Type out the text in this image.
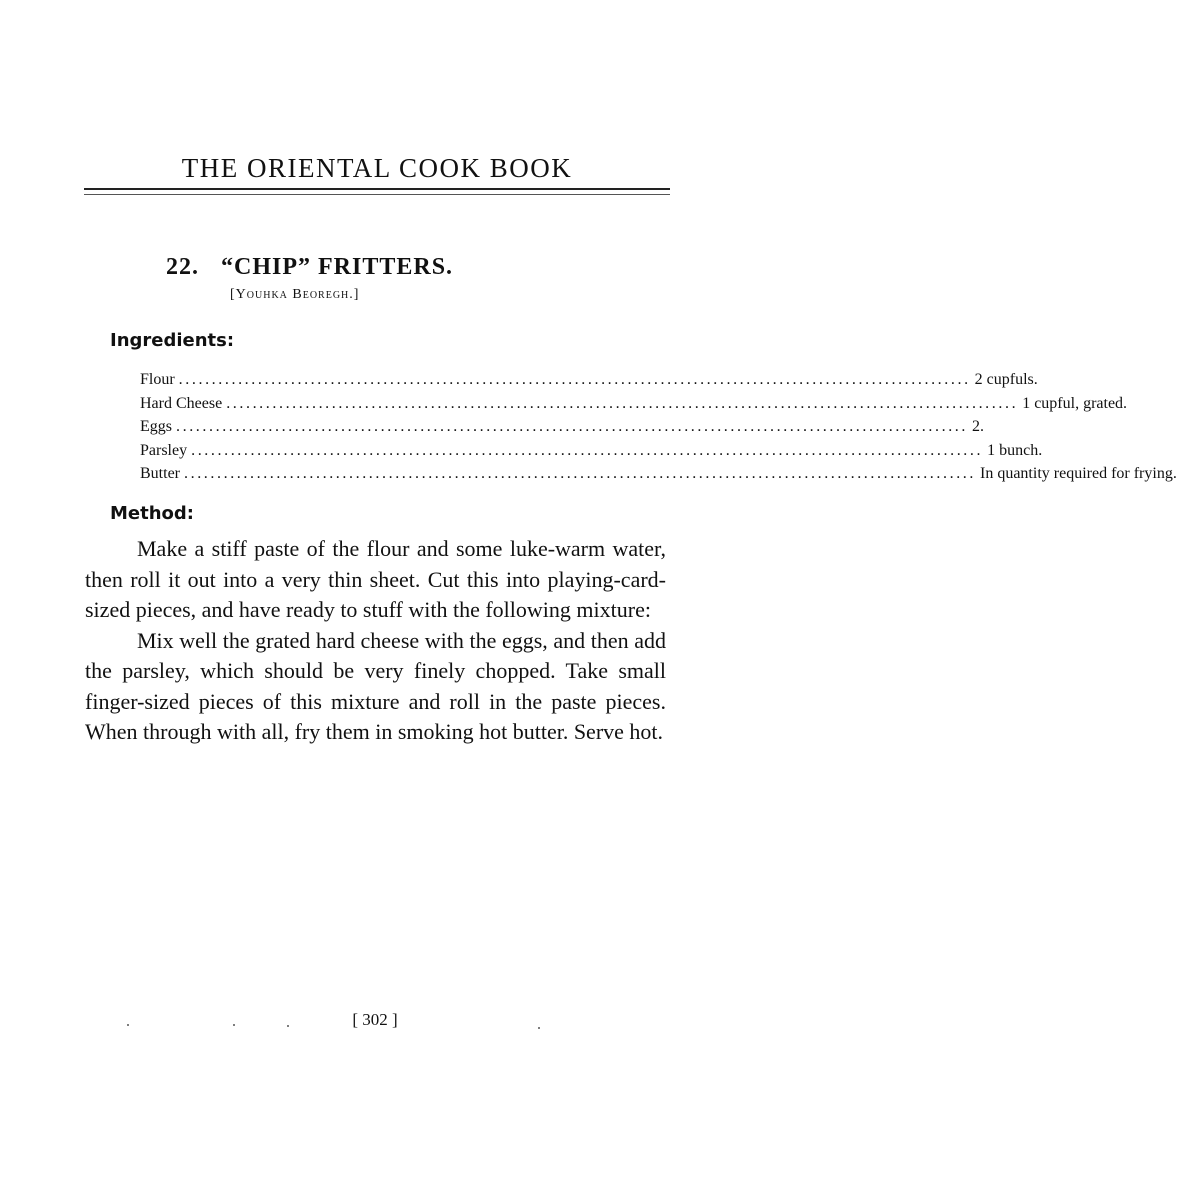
THE ORIENTAL COOK BOOK
22. “CHIP” FRITTERS.
[Youhka Beoregh.]
Ingredients:
Flour ........................................................................................................................ 2 cupfuls.
Hard Cheese ........................................................................................................................ 1 cupful, grated.
Eggs ........................................................................................................................ 2.
Parsley ........................................................................................................................ 1 bunch.
Butter ........................................................................................................................ In quantity required for frying.
Method:

Make a stiff paste of the flour and some luke-warm water, then roll it out into a very thin sheet. Cut this into playing-card-sized pieces, and have ready to stuff with the following mixture:

Mix well the grated hard cheese with the eggs, and then add the parsley, which should be very finely chopped. Take small finger-sized pieces of this mixture and roll in the paste pieces. When through with all, fry them in smoking hot butter. Serve hot.

[ 302 ]
